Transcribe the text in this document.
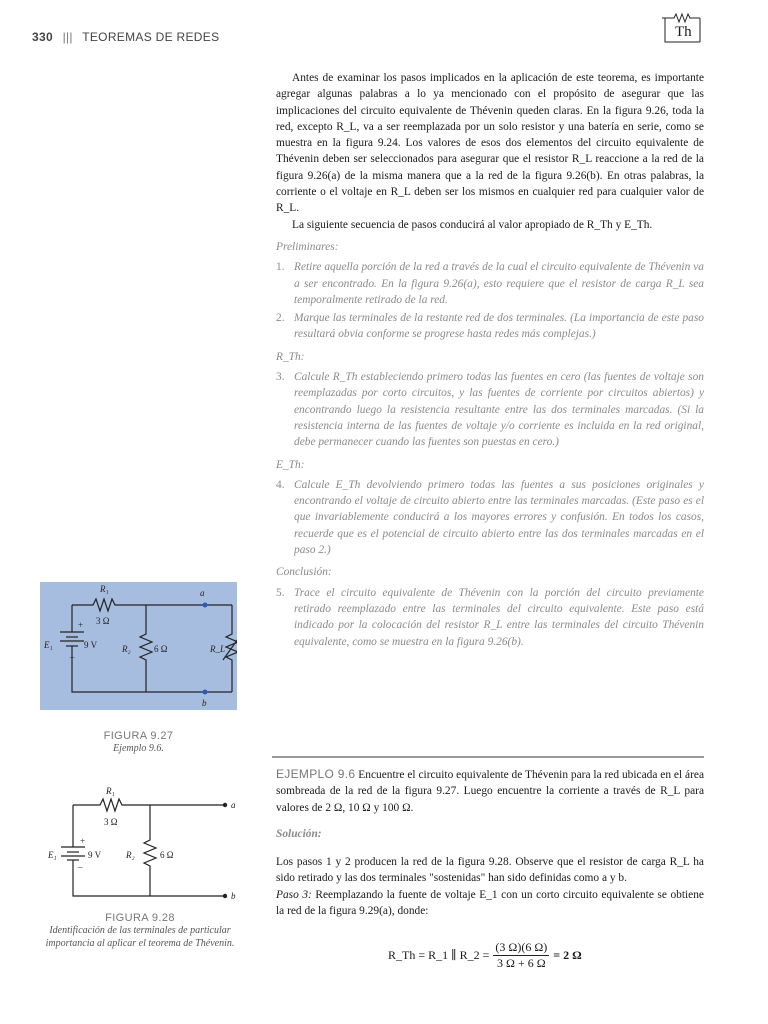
330 ||| TEOREMAS DE REDES	Th

Antes de examinar los pasos implicados en la aplicación de este teorema, es importante agregar algunas palabras a lo ya mencionado con el propósito de asegurar que las implicaciones del circuito equivalente de Thévenin queden claras. En la figura 9.26, toda la red, excepto R_L, va a ser reemplazada por un solo resistor y una batería en serie, como se muestra en la figura 9.24. Los valores de esos dos elementos del circuito equivalente de Thévenin deben ser seleccionados para asegurar que el resistor R_L reaccione a la red de la figura 9.26(a) de la misma manera que a la red de la figura 9.26(b). En otras palabras, la corriente o el voltaje en R_L deben ser los mismos en cualquier red para cualquier valor de R_L.

La siguiente secuencia de pasos conducirá al valor apropiado de R_Th y E_Th.

Preliminares:

1. Retire aquella porción de la red a través de la cual el circuito equivalente de Thévenin va a ser encontrado. En la figura 9.26(a), esto requiere que el resistor de carga R_L sea temporalmente retirado de la red.
2. Marque las terminales de la restante red de dos terminales. (La importancia de este paso resultará obvia conforme se progrese hasta redes más complejas.)

R_Th:

3. Calcule R_Th estableciendo primero todas las fuentes en cero (las fuentes de voltaje son reemplazadas por corto circuitos, y las fuentes de corriente por circuitos abiertos) y encontrando luego la resistencia resultante entre las dos terminales marcadas. (Si la resistencia interna de las fuentes de voltaje y/o corriente es incluida en la red original, debe permanecer cuando las fuentes son puestas en cero.)

E_Th:

4. Calcule E_Th devolviendo primero todas las fuentes a sus posiciones originales y encontrando el voltaje de circuito abierto entre las terminales marcadas. (Este paso es el que invariablemente conducirá a los mayores errores y confusión. En todos los casos, recuerde que es el potencial de circuito abierto entre las dos terminales marcadas en el paso 2.)

Conclusión:

5. Trace el circuito equivalente de Thévenin con la porción del circuito previamente retirado reemplazado entre las terminales del circuito equivalente. Este paso está indicado por la colocación del resistor R_L entre las terminales del circuito Thévenin equivalente, como se muestra en la figura 9.26(b).

EJEMPLO 9.6 Encuentre el circuito equivalente de Thévenin para la red ubicada en el área sombreada de la red de la figura 9.27. Luego encuentre la corriente a través de R_L para valores de 2 Ω, 10 Ω y 100 Ω.

Solución:

Los pasos 1 y 2 producen la red de la figura 9.28. Observe que el resistor de carga R_L ha sido retirado y las dos terminales "sostenidas" han sido definidas como a y b.

Paso 3: Reemplazando la fuente de voltaje E_1 con un corto circuito equivalente se obtiene la red de la figura 9.29(a), donde:

R_Th = R_1 ∥ R_2 = $\frac{(3 \Omega)(6 \Omega)}{3 \Omega + 6 \Omega} = 2$ Ω
R₁
3 Ω
E₁	9 V
+
–
R₂	6 Ω	R_L
a
b
FIGURA 9.27
Ejemplo 9.6.
R₁
3 Ω
E₁	9 V
+
–
R₂	6 Ω
a
b
FIGURA 9.28
Identificación de las terminales de particular importancia al aplicar el teorema de Thévenin.
